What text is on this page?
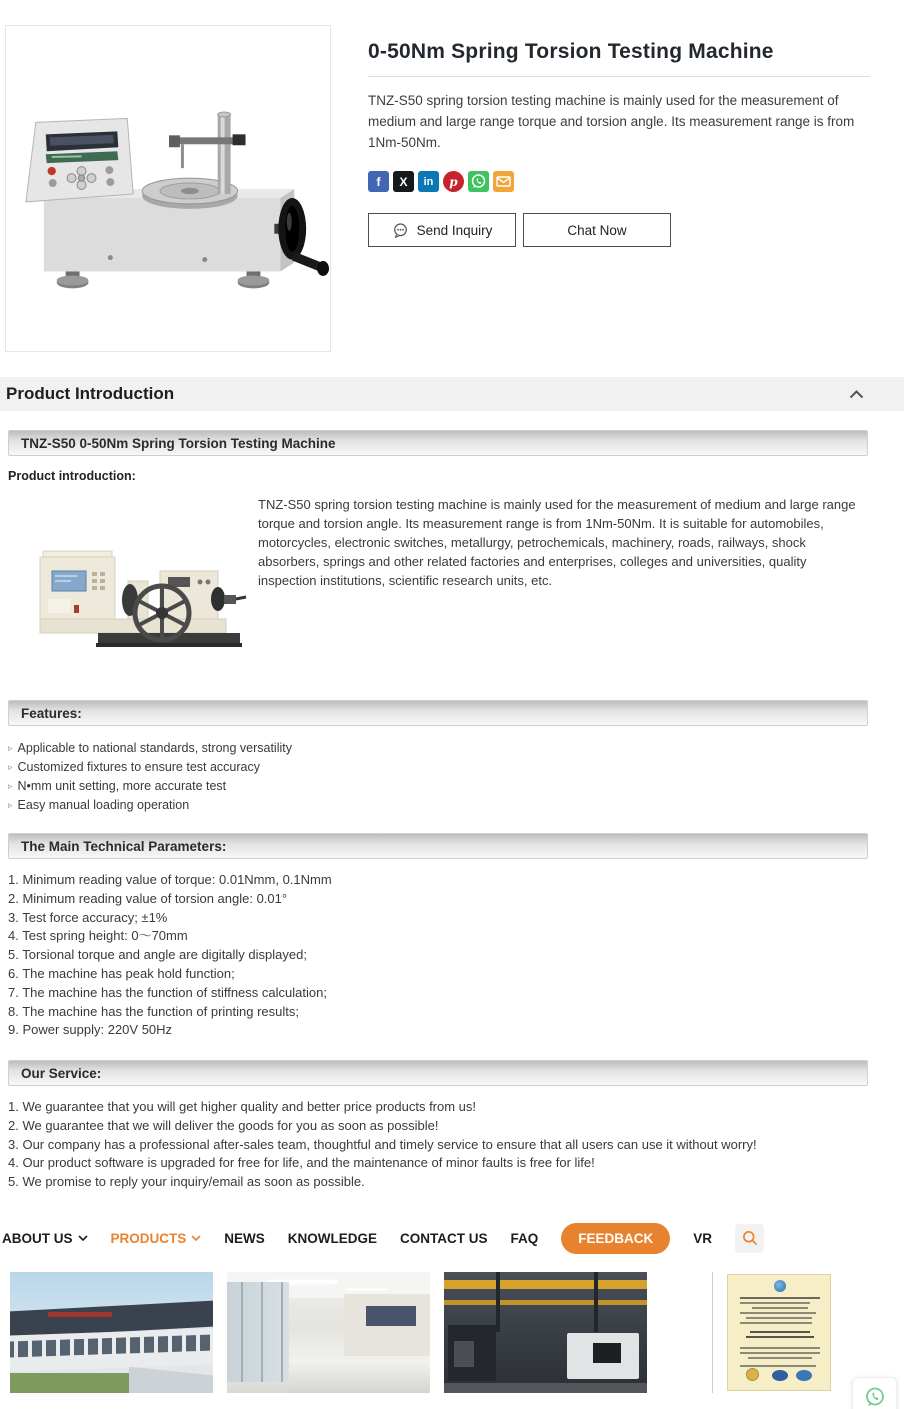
0-50Nm Spring Torsion Testing Machine

TNZ-S50 spring torsion testing machine is mainly used for the measurement of medium and large range torque and torsion angle. Its measurement range is from 1Nm-50Nm.

f	X	in	p
Send Inquiry	Chat Now
Product Introduction
TNZ-S50 0-50Nm Spring Torsion Testing Machine
Product introduction:

TNZ-S50 spring torsion testing machine is mainly used for the measurement of medium and large range torque and torsion angle. Its measurement range is from 1Nm-50Nm. It is suitable for automobiles, motorcycles, electronic switches, metallurgy, petrochemicals, machinery, roads, railways, shock absorbers, springs and other related factories and enterprises, colleges and universities, quality inspection institutions, scientific research units, etc.

Features:
▹ Applicable to national standards, strong versatility
▹ Customized fixtures to ensure test accuracy
▹ N•mm unit setting, more accurate test
▹ Easy manual loading operation
The Main Technical Parameters:
1. Minimum reading value of torque: 0.01Nmm, 0.1Nmm
2. Minimum reading value of torsion angle: 0.01°
3. Test force accuracy; ±1%
4. Test spring height: 0～70mm
5. Torsional torque and angle are digitally displayed;
6. The machine has peak hold function;
7. The machine has the function of stiffness calculation;
8. The machine has the function of printing results;
9. Power supply: 220V 50Hz
Our Service:
1. We guarantee that you will get higher quality and better price products from us!
2. We guarantee that we will deliver the goods for you as soon as possible!
3. Our company has a professional after-sales team, thoughtful and timely service to ensure that all users can use it without worry!
4. Our product software is upgraded for free for life, and the maintenance of minor faults is free for life!
5. We promise to reply your inquiry/email as soon as possible.
ABOUT US	PRODUCTS	NEWS KNOWLEDGE CONTACT US FAQ	FEEDBACK	VR
